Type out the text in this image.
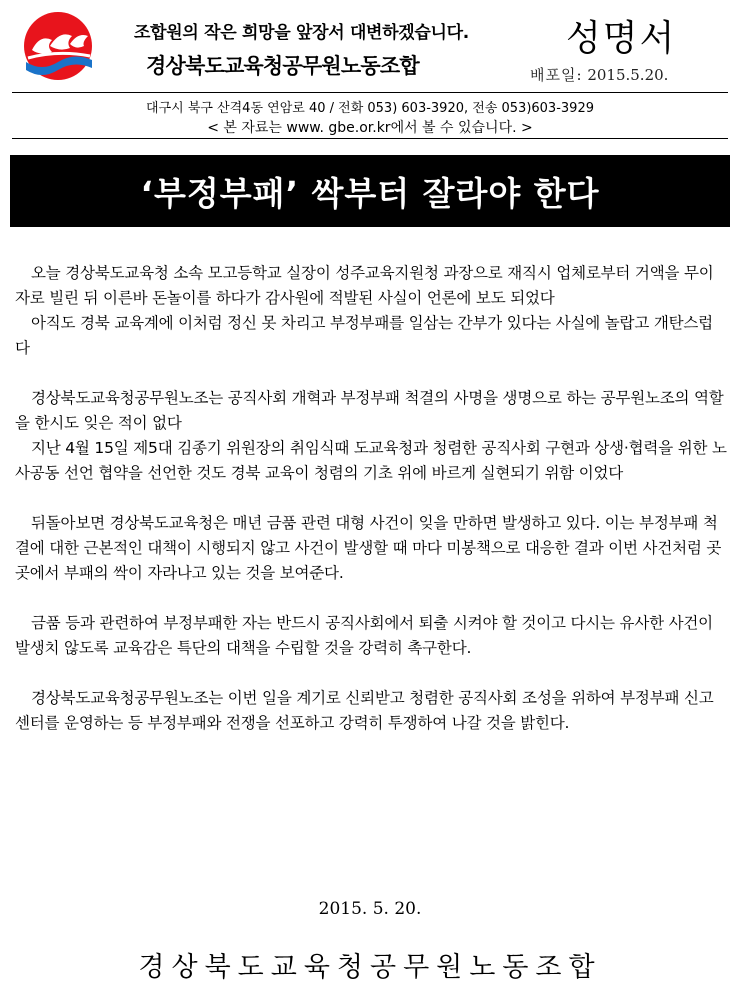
조합원의 작은 희망을 앞장서 대변하겠습니다.
경상북도교육청공무원노동조합
성명서
배포일: 2015.5.20.
대구시 북구 산격4동 연암로 40 / 전화 053) 603-3920, 전송 053)603-3929
< 본 자료는 www. gbe.or.kr에서 볼 수 있습니다. >
‘부정부패’ 싹부터 잘라야 한다

오늘 경상북도교육청 소속 모고등학교 실장이 성주교육지원청 과장으로 재직시 업체로부터 거액을 무이자로 빌린 뒤 이른바 돈놀이를 하다가 감사원에 적발된 사실이 언론에 보도 되었다

아직도 경북 교육계에 이처럼 정신 못 차리고 부정부패를 일삼는 간부가 있다는 사실에 놀랍고 개탄스럽다

경상북도교육청공무원노조는 공직사회 개혁과 부정부패 척결의 사명을 생명으로 하는 공무원노조의 역할을 한시도 잊은 적이 없다

지난 4월 15일 제5대 김종기 위원장의 취임식때 도교육청과 청렴한 공직사회 구현과 상생·협력을 위한 노사공동 선언 협약을 선언한 것도 경북 교육이 청렴의 기초 위에 바르게 실현되기 위함 이었다

뒤돌아보면 경상북도교육청은 매년 금품 관련 대형 사건이 잊을 만하면 발생하고 있다. 이는 부정부패 척결에 대한 근본적인 대책이 시행되지 않고 사건이 발생할 때 마다 미봉책으로 대응한 결과 이번 사건처럼 곳곳에서 부패의 싹이 자라나고 있는 것을 보여준다.

금품 등과 관련하여 부정부패한 자는 반드시 공직사회에서 퇴출 시켜야 할 것이고 다시는 유사한 사건이 발생치 않도록 교육감은 특단의 대책을 수립할 것을 강력히 촉구한다.

경상북도교육청공무원노조는 이번 일을 계기로 신뢰받고 청렴한 공직사회 조성을 위하여 부정부패 신고 센터를 운영하는 등 부정부패와 전쟁을 선포하고 강력히 투쟁하여 나갈 것을 밝힌다.

2015. 5. 20.
경상북도교육청공무원노동조합
